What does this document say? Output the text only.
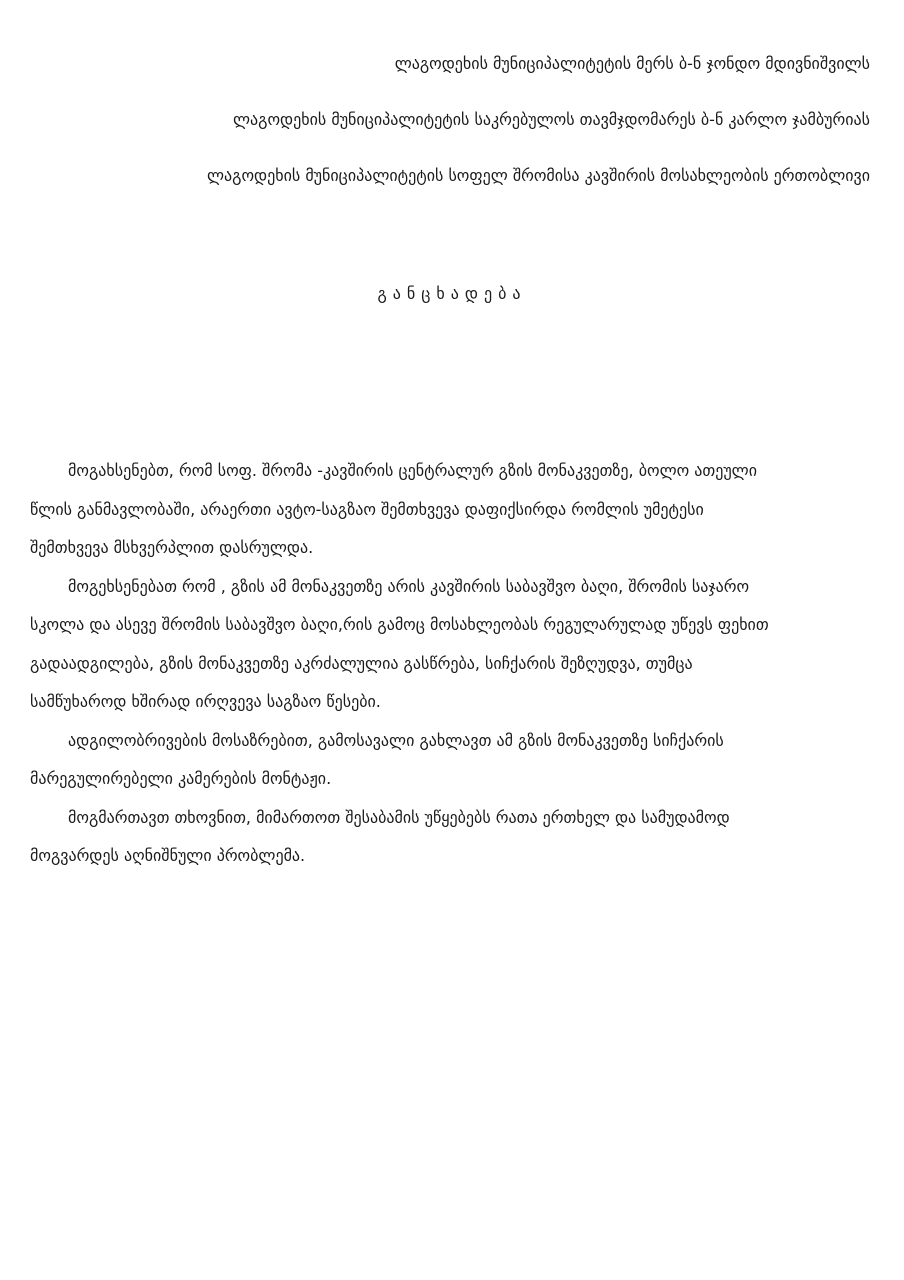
ლაგოდეხის მუნიციპალიტეტის მერს ბ-ნ ჯონდო მდივნიშვილს
ლაგოდეხის მუნიციპალიტეტის საკრებულოს თავმჯდომარეს ბ-ნ კარლო ჯამბურიას
ლაგოდეხის მუნიციპალიტეტის სოფელ შრომისა კავშირის მოსახლეობის ერთობლივი
განცხადება

მოგახსენებთ, რომ სოფ. შრომა -კავშირის ცენტრალურ გზის მონაკვეთზე, ბოლო ათეული
წლის განმავლობაში, არაერთი ავტო-საგზაო შემთხვევა დაფიქსირდა რომლის უმეტესი
შემთხვევა მსხვერპლით დასრულდა.

მოგეხსენებათ რომ , გზის ამ მონაკვეთზე არის კავშირის საბავშვო ბაღი, შრომის საჯარო
სკოლა და ასევე შრომის საბავშვო ბაღი,რის გამოც მოსახლეობას რეგულარულად უწევს ფეხით
გადაადგილება, გზის მონაკვეთზე აკრძალულია გასწრება, სიჩქარის შეზღუდვა, თუმცა
სამწუხაროდ ხშირად ირღვევა საგზაო წესები.

ადგილობრივების მოსაზრებით, გამოსავალი გახლავთ ამ გზის მონაკვეთზე სიჩქარის
მარეგულირებელი კამერების მონტაჟი.

მოგმართავთ თხოვნით, მიმართოთ შესაბამის უწყებებს რათა ერთხელ და სამუდამოდ
მოგვარდეს აღნიშნული პრობლემა.
